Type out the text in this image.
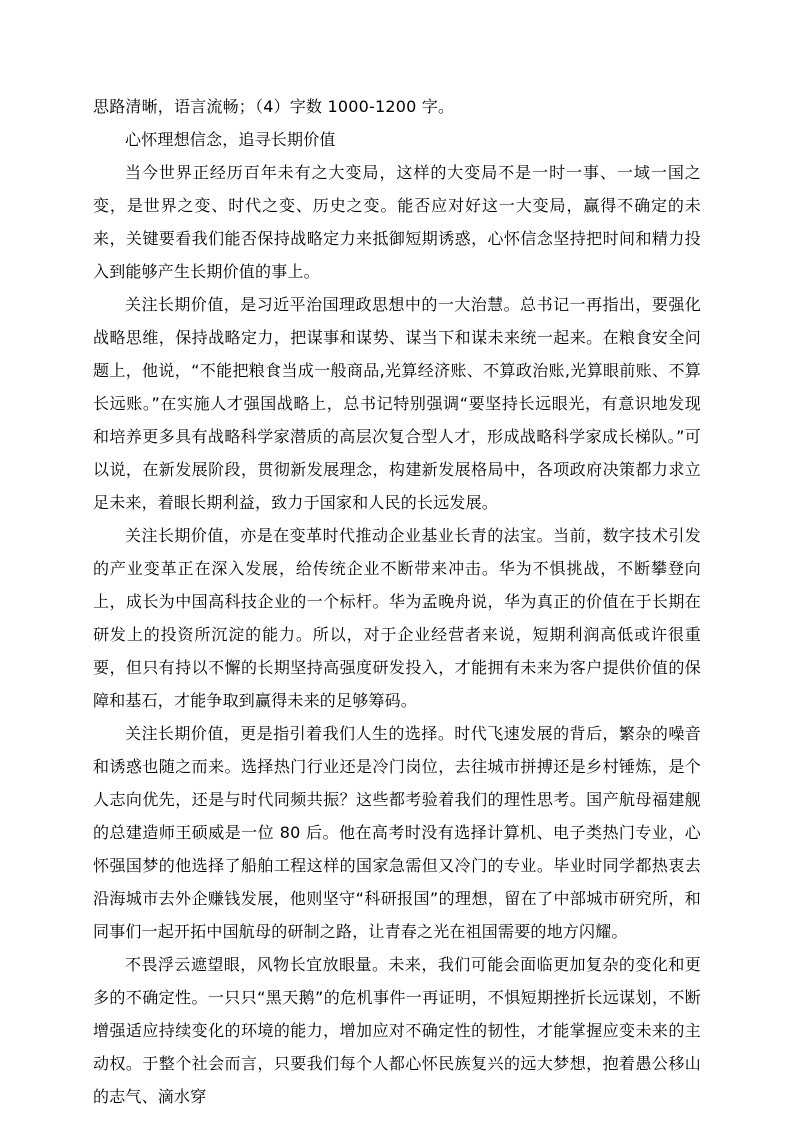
思路清晰，语言流畅；（4）字数 1000-1200 字。

心怀理想信念，追寻长期价值

当今世界正经历百年未有之大变局，这样的大变局不是一时一事、一域一国之变，是世界之变、时代之变、历史之变。能否应对好这一大变局，赢得不确定的未来，关键要看我们能否保持战略定力来抵御短期诱惑，心怀信念坚持把时间和精力投入到能够产生长期价值的事上。

关注长期价值，是习近平治国理政思想中的一大治慧。总书记一再指出，要强化战略思维，保持战略定力，把谋事和谋势、谋当下和谋未来统一起来。在粮食安全问题上，他说，“不能把粮食当成一般商品,光算经济账、不算政治账,光算眼前账、不算长远账。”在实施人才强国战略上，总书记特别强调“要坚持长远眼光，有意识地发现和培养更多具有战略科学家潜质的高层次复合型人才，形成战略科学家成长梯队。”可以说，在新发展阶段，贯彻新发展理念，构建新发展格局中，各项政府决策都力求立足未来，着眼长期利益，致力于国家和人民的长远发展。

关注长期价值，亦是在变革时代推动企业基业长青的法宝。当前，数字技术引发的产业变革正在深入发展，给传统企业不断带来冲击。华为不惧挑战，不断攀登向上，成长为中国高科技企业的一个标杆。华为孟晚舟说，华为真正的价值在于长期在研发上的投资所沉淀的能力。所以，对于企业经营者来说，短期利润高低或许很重要，但只有持以不懈的长期坚持高强度研发投入，才能拥有未来为客户提供价值的保障和基石，才能争取到赢得未来的足够筹码。

关注长期价值，更是指引着我们人生的选择。时代飞速发展的背后，繁杂的噪音和诱惑也随之而来。选择热门行业还是冷门岗位，去往城市拼搏还是乡村锤炼，是个人志向优先，还是与时代同频共振？这些都考验着我们的理性思考。国产航母福建舰的总建造师王硕威是一位 80 后。他在高考时没有选择计算机、电子类热门专业，心怀强国梦的他选择了船舶工程这样的国家急需但又冷门的专业。毕业时同学都热衷去沿海城市去外企赚钱发展，他则坚守“科研报国”的理想，留在了中部城市研究所，和同事们一起开拓中国航母的研制之路，让青春之光在祖国需要的地方闪耀。

不畏浮云遮望眼，风物长宜放眼量。未来，我们可能会面临更加复杂的变化和更多的不确定性。一只只“黑天鹅”的危机事件一再证明，不惧短期挫折长远谋划，不断增强适应持续变化的环境的能力，增加应对不确定性的韧性，才能掌握应变未来的主动权。于整个社会而言，只要我们每个人都心怀民族复兴的远大梦想，抱着愚公移山的志气、滴水穿
